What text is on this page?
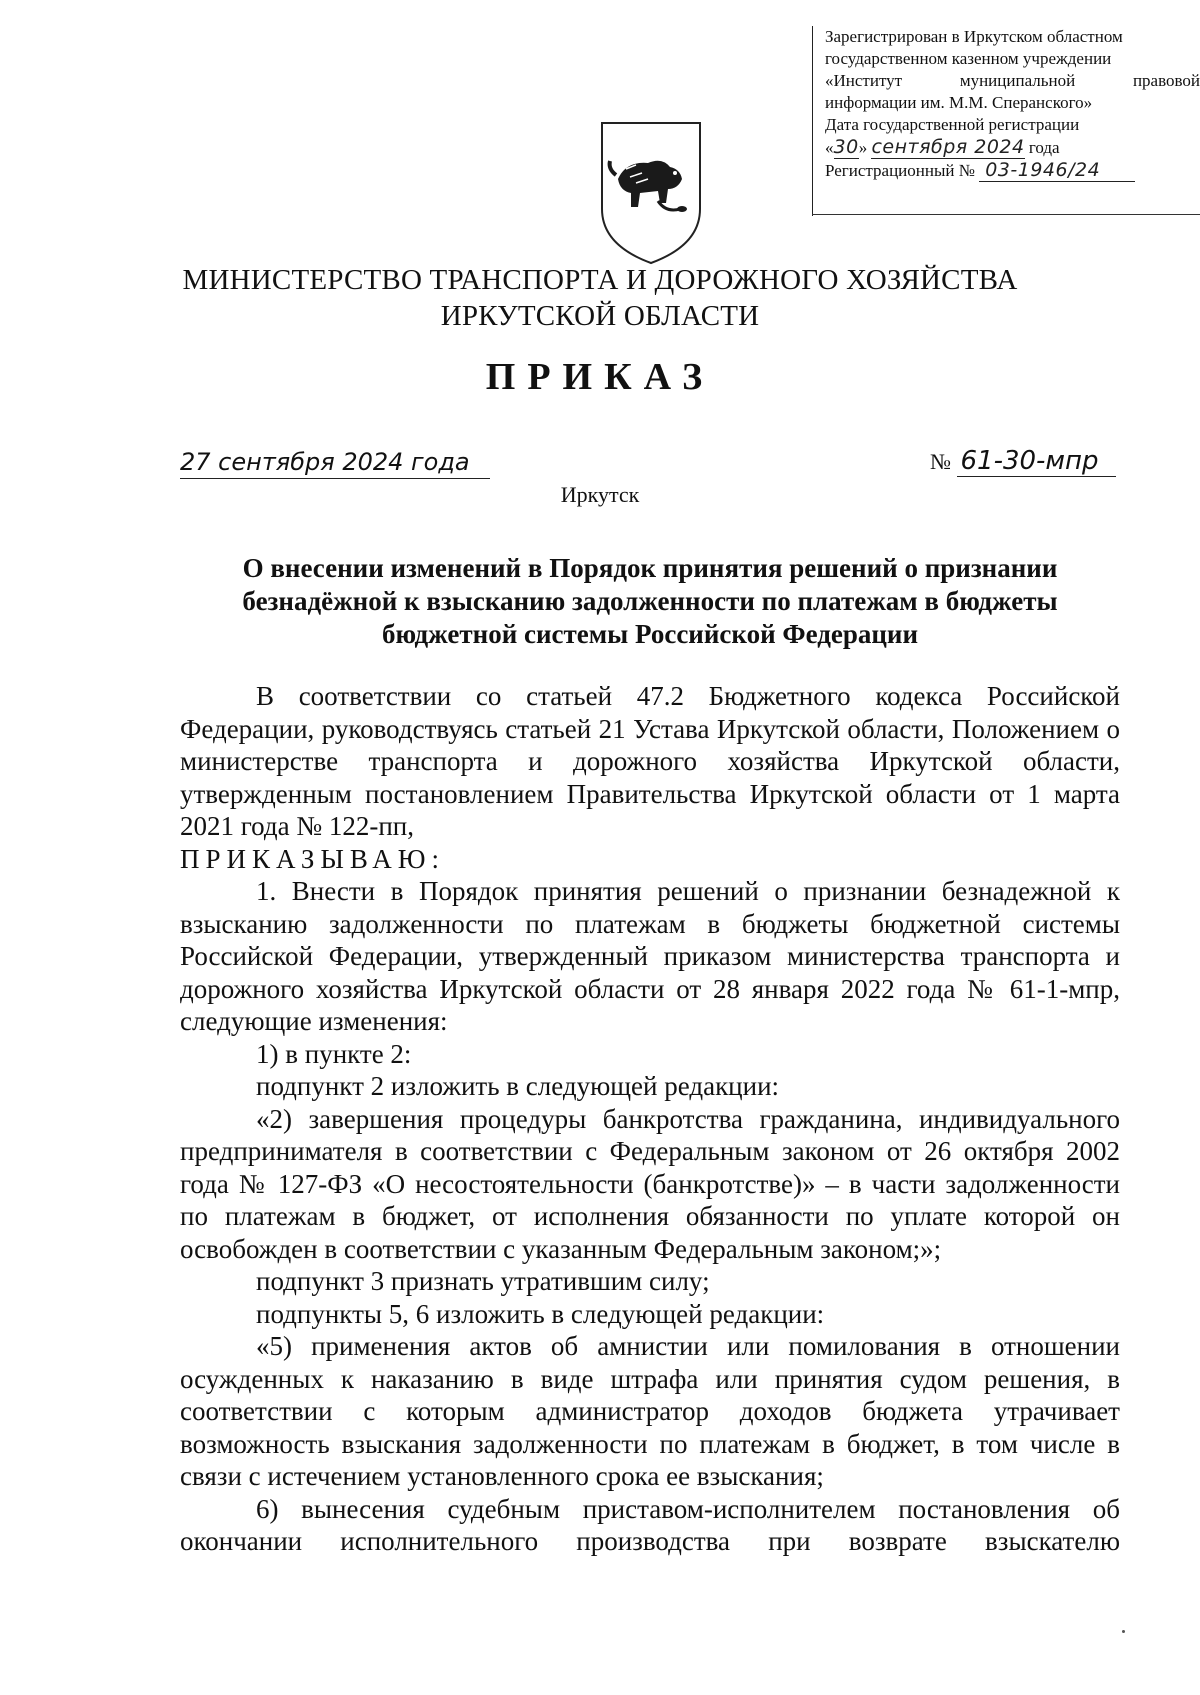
Зарегистрирован в Иркутском областном
государственном казенном учреждении
«Институт	муниципальной	правовой
информации им. М.М. Сперанского»
Дата государственной регистрации
«30» сентября 2024 года
Регистрационный № 03-1946/24
МИНИСТЕРСТВО ТРАНСПОРТА И ДОРОЖНОГО ХОЗЯЙСТВА
ИРКУТСКОЙ ОБЛАСТИ
ПРИКАЗ
27 сентября 2024 года	№ 61-30-мпр
Иркутск
О внесении изменений в Порядок принятия решений о признании
безнадёжной к взысканию задолженности по платежам в бюджеты
бюджетной системы Российской Федерации

В соответствии со статьей 47.2 Бюджетного кодекса Российской Федерации, руководствуясь статьей 21 Устава Иркутской области, Положением о министерстве транспорта и дорожного хозяйства Иркутской области, утвержденным постановлением Правительства Иркутской области от 1 марта 2021 года № 122-пп,

ПРИКАЗЫВАЮ:

1. Внести в Порядок принятия решений о признании безнадежной к взысканию задолженности по платежам в бюджеты бюджетной системы Российской Федерации, утвержденный приказом министерства транспорта и дорожного хозяйства Иркутской области от 28 января 2022 года № 61-1-мпр, следующие изменения:

1) в пункте 2:

подпункт 2 изложить в следующей редакции:

«2) завершения процедуры банкротства гражданина, индивидуального предпринимателя в соответствии с Федеральным законом от 26 октября 2002 года № 127-ФЗ «О несостоятельности (банкротстве)» – в части задолженности по платежам в бюджет, от исполнения обязанности по уплате которой он освобожден в соответствии с указанным Федеральным законом;»;

подпункт 3 признать утратившим силу;

подпункты 5, 6 изложить в следующей редакции:

«5) применения актов об амнистии или помилования в отношении осужденных к наказанию в виде штрафа или принятия судом решения, в соответствии с которым администратор доходов бюджета утрачивает возможность взыскания задолженности по платежам в бюджет, в том числе в связи с истечением установленного срока ее взыскания;

6) вынесения судебным приставом-исполнителем постановления об окончании исполнительного производства при возврате взыскателю
